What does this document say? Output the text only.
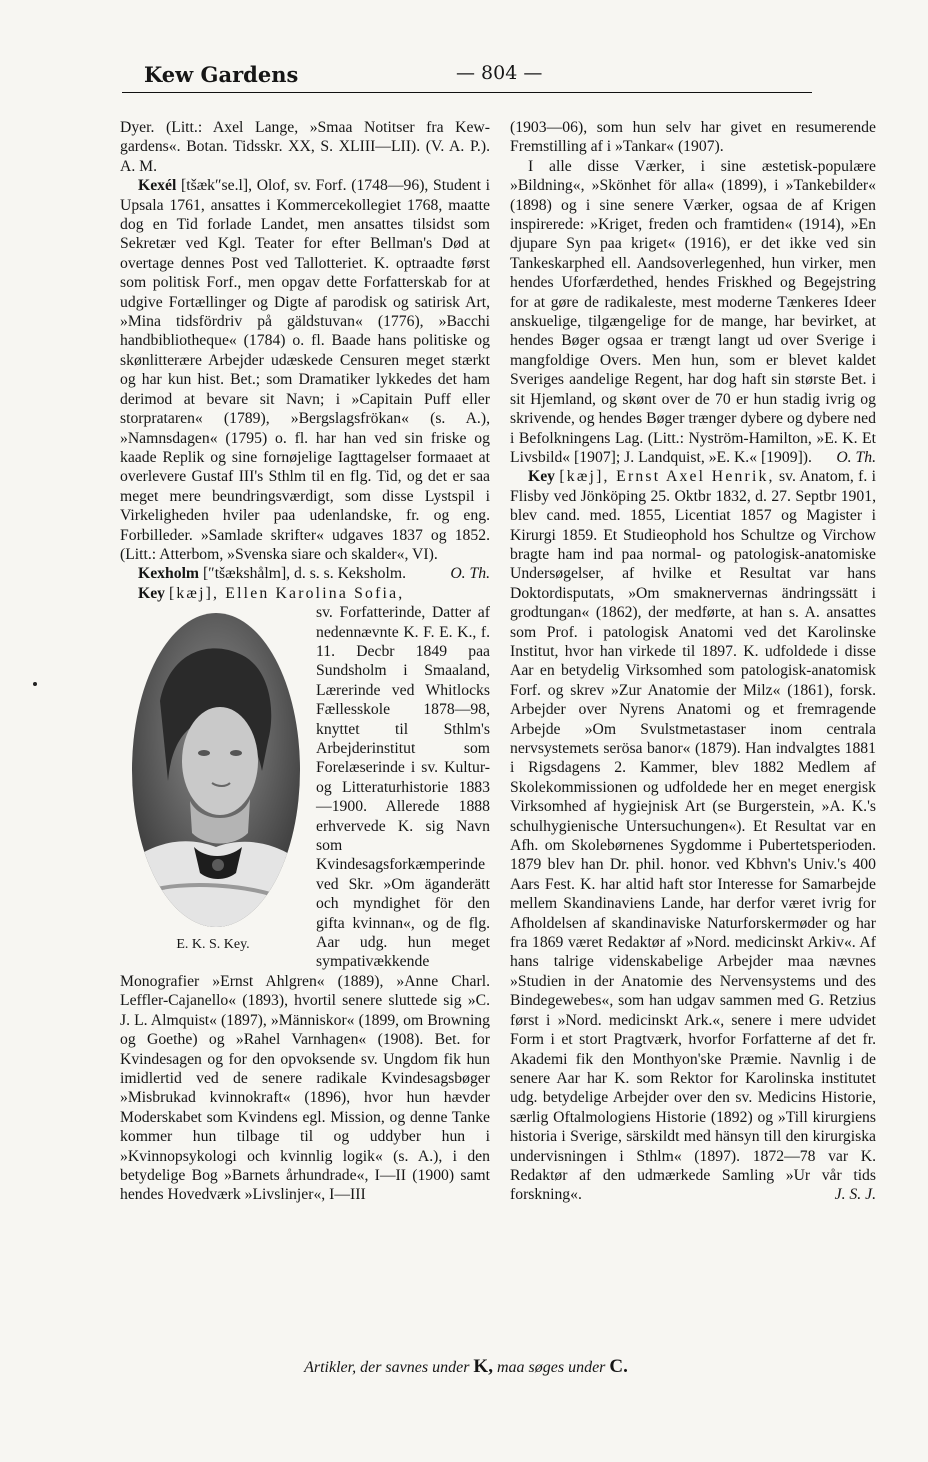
Kew Gardens	— 804 —

Dyer. (Litt.: Axel Lange, »Smaa Notitser fra Kew-gardens«. Botan. Tidsskr. XX, S. XLIII—LII). (V. A. P.). A. M.

Kexél [tšæk″se.l], Olof, sv. Forf. (1748—96), Student i Upsala 1761, ansattes i Kommercekollegiet 1768, maatte dog en Tid forlade Landet, men ansattes tilsidst som Sekretær ved Kgl. Teater for efter Bellman's Død at overtage dennes Post ved Tallotteriet. K. optraadte først som politisk Forf., men opgav dette Forfatterskab for at udgive Fortællinger og Digte af parodisk og satirisk Art, »Mina tidsfördriv på gäldstuvan« (1776), »Bacchi handbibliotheque« (1784) o. fl. Baade hans politiske og skønlitterære Arbejder udæskede Censuren meget stærkt og har kun hist. Bet.; som Dramatiker lykkedes det ham derimod at bevare sit Navn; i »Capitain Puff eller storprataren« (1789), »Bergslagsfrökan« (s. A.), »Namnsdagen« (1795) o. fl. har han ved sin friske og kaade Replik og sine fornøjelige Iagttagelser formaaet at overlevere Gustaf III's Sthlm til en flg. Tid, og det er saa meget mere beundringsværdigt, som disse Lystspil i Virkeligheden hviler paa udenlandske, fr. og eng. Forbilleder. »Samlade skrifter« udgaves 1837 og 1852. (Litt.: Atterbom, »Svenska siare och skalder«, VI).
O. Th.

Kexholm [″tšækshålm], d. s. s. Keksholm.

Key [kæj], Ellen Karolina Sofia,

E. K. S. Key.

sv. Forfatterinde, Datter af nedennævnte K. F. E. K., f. 11. Decbr 1849 paa Sundsholm i Smaaland, Lærerinde ved Whitlocks Fællesskole 1878—98, knyttet til Sthlm's Arbejderinstitut som Forelæserinde i sv. Kultur- og Litteraturhistorie 1883—1900. Allerede 1888 erhvervede K. sig Navn som Kvindesagsforkæmperinde ved Skr. »Om äganderätt och myndighet för den gifta kvinnan«, og de flg. Aar udg. hun meget sympativækkende Monografier »Ernst Ahlgren« (1889), »Anne Charl. Leffler-Cajanello« (1893), hvortil senere sluttede sig »C. J. L. Almquist« (1897), »Människor« (1899, om Browning og Goethe) og »Rahel Varnhagen« (1908). Bet. for Kvindesagen og for den opvoksende sv. Ungdom fik hun imidlertid ved de senere radikale Kvindesagsbøger »Misbrukad kvinnokraft« (1896), hvor hun hævder Moderskabet som Kvindens egl. Mission, og denne Tanke kommer hun tilbage til og uddyber hun i »Kvinnopsykologi och kvinnlig logik« (s. A.), i den betydelige Bog »Barnets århundrade«, I—II (1900) samt hendes Hovedværk »Livslinjer«, I—III

(1903—06), som hun selv har givet en resumerende Fremstilling af i »Tankar« (1907).

I alle disse Værker, i sine æstetisk-populære »Bildning«, »Skönhet för alla« (1899), i »Tankebilder« (1898) og i sine senere Værker, ogsaa de af Krigen inspirerede: »Kriget, freden och framtiden« (1914), »En djupare Syn paa kriget« (1916), er det ikke ved sin Tankeskarphed ell. Aandsoverlegenhed, hun virker, men hendes Uforfærdethed, hendes Friskhed og Begejstring for at gøre de radikaleste, mest moderne Tænkeres Ideer anskuelige, tilgængelige for de mange, har bevirket, at hendes Bøger ogsaa er trængt langt ud over Sverige i mangfoldige Overs. Men hun, som er blevet kaldet Sveriges aandelige Regent, har dog haft sin største Bet. i sit Hjemland, og skønt over de 70 er hun stadig ivrig og skrivende, og hendes Bøger trænger dybere og dybere ned i Befolkningens Lag. (Litt.: Nyström-Hamilton, »E. K. Et Livsbild« [1907]; J. Landquist, »E. K.« [1909]).	O. Th.

Key [kæj], Ernst Axel Henrik, sv. Anatom, f. i Flisby ved Jönköping 25. Oktbr 1832, d. 27. Septbr 1901, blev cand. med. 1855, Licentiat 1857 og Magister i Kirurgi 1859. Et Studieophold hos Schultze og Virchow bragte ham ind paa normal- og patologisk-anatomiske Undersøgelser, af hvilke et Resultat var hans Doktordisputats, »Om smaknervernas ändringssätt i grodtungan« (1862), der medførte, at han s. A. ansattes som Prof. i patologisk Anatomi ved det Karolinske Institut, hvor han virkede til 1897. K. udfoldede i disse Aar en betydelig Virksomhed som patologisk-anatomisk Forf. og skrev »Zur Anatomie der Milz« (1861), forsk. Arbejder over Nyrens Anatomi og et fremragende Arbejde »Om Svulstmetastaser inom centrala nervsystemets serösa banor« (1879). Han indvalgtes 1881 i Rigsdagens 2. Kammer, blev 1882 Medlem af Skolekommissionen og udfoldede her en meget energisk Virksomhed af hygiejnisk Art (se Burgerstein, »A. K.'s schulhygienische Untersuchungen«). Et Resultat var en Afh. om Skolebørnenes Sygdomme i Pubertetsperioden. 1879 blev han Dr. phil. honor. ved Kbhvn's Univ.'s 400 Aars Fest. K. har altid haft stor Interesse for Samarbejde mellem Skandinaviens Lande, har derfor været ivrig for Afholdelsen af skandinaviske Naturforskermøder og har fra 1869 været Redaktør af »Nord. medicinskt Arkiv«. Af hans talrige videnskabelige Arbejder maa nævnes »Studien in der Anatomie des Nervensystems und des Bindegewebes«, som han udgav sammen med G. Retzius først i »Nord. medicinskt Ark.«, senere i mere udvidet Form i et stort Pragtværk, hvorfor Forfatterne af det fr. Akademi fik den Monthyon'ske Præmie. Navnlig i de senere Aar har K. som Rektor for Karolinska institutet udg. betydelige Arbejder over den sv. Medicins Historie, særlig Oftalmologiens Historie (1892) og »Till kirurgiens historia i Sverige, särskildt med hänsyn till den kirurgiska undervisningen i Sthlm« (1897). 1872—78 var K. Redaktør af den udmærkede Samling »Ur vår tids forskning«.	J. S. J.

Artikler, der savnes under K, maa søges under C.
